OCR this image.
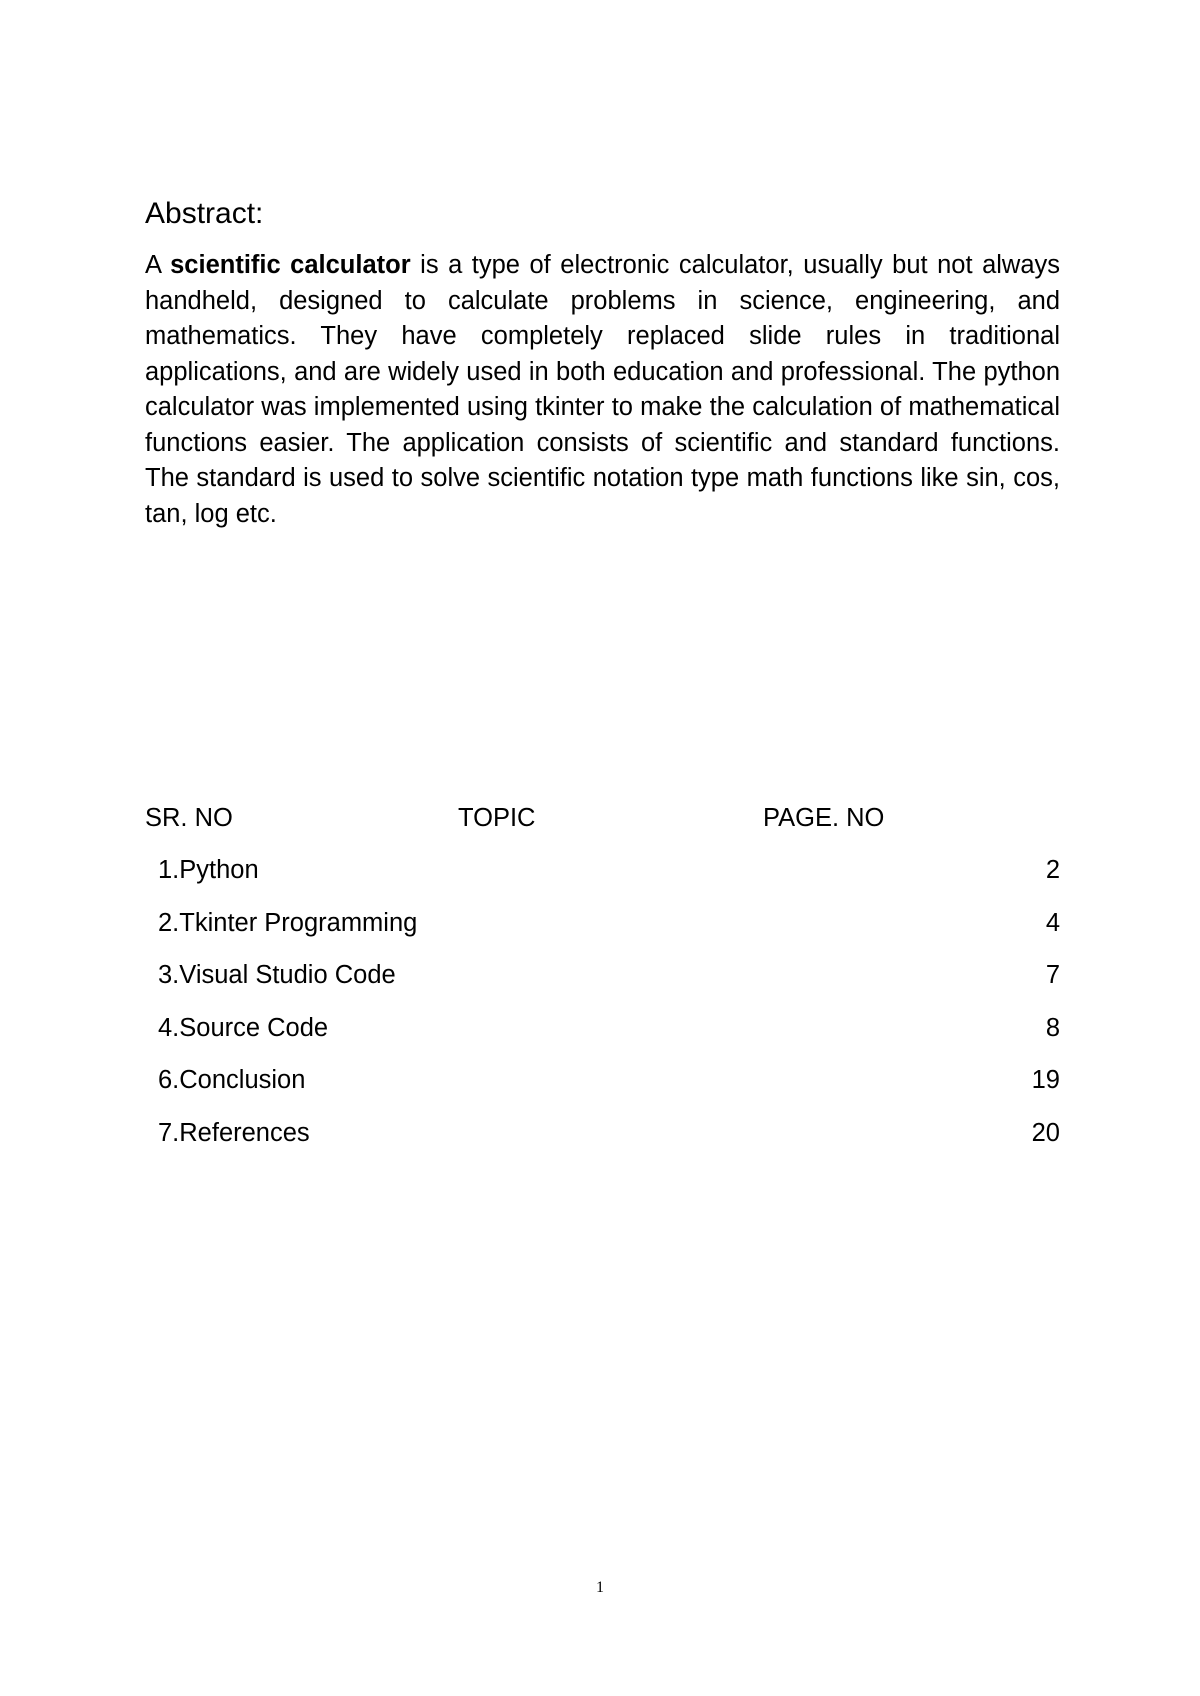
Abstract:

A scientific calculator is a type of electronic calculator, usually but not always handheld, designed to calculate problems in science, engineering, and mathematics. They have completely replaced slide rules in traditional applications, and are widely used in both education and professional. The python calculator was implemented using tkinter to make the calculation of mathematical functions easier. The application consists of scientific and standard functions. The standard is used to solve scientific notation type math functions like sin, cos, tan, log etc.

SR. NO	TOPIC	PAGE. NO
1.Python	2
2.Tkinter Programming	4
3.Visual Studio Code	7
4.Source Code	8
6.Conclusion	19
7.References	20
1
